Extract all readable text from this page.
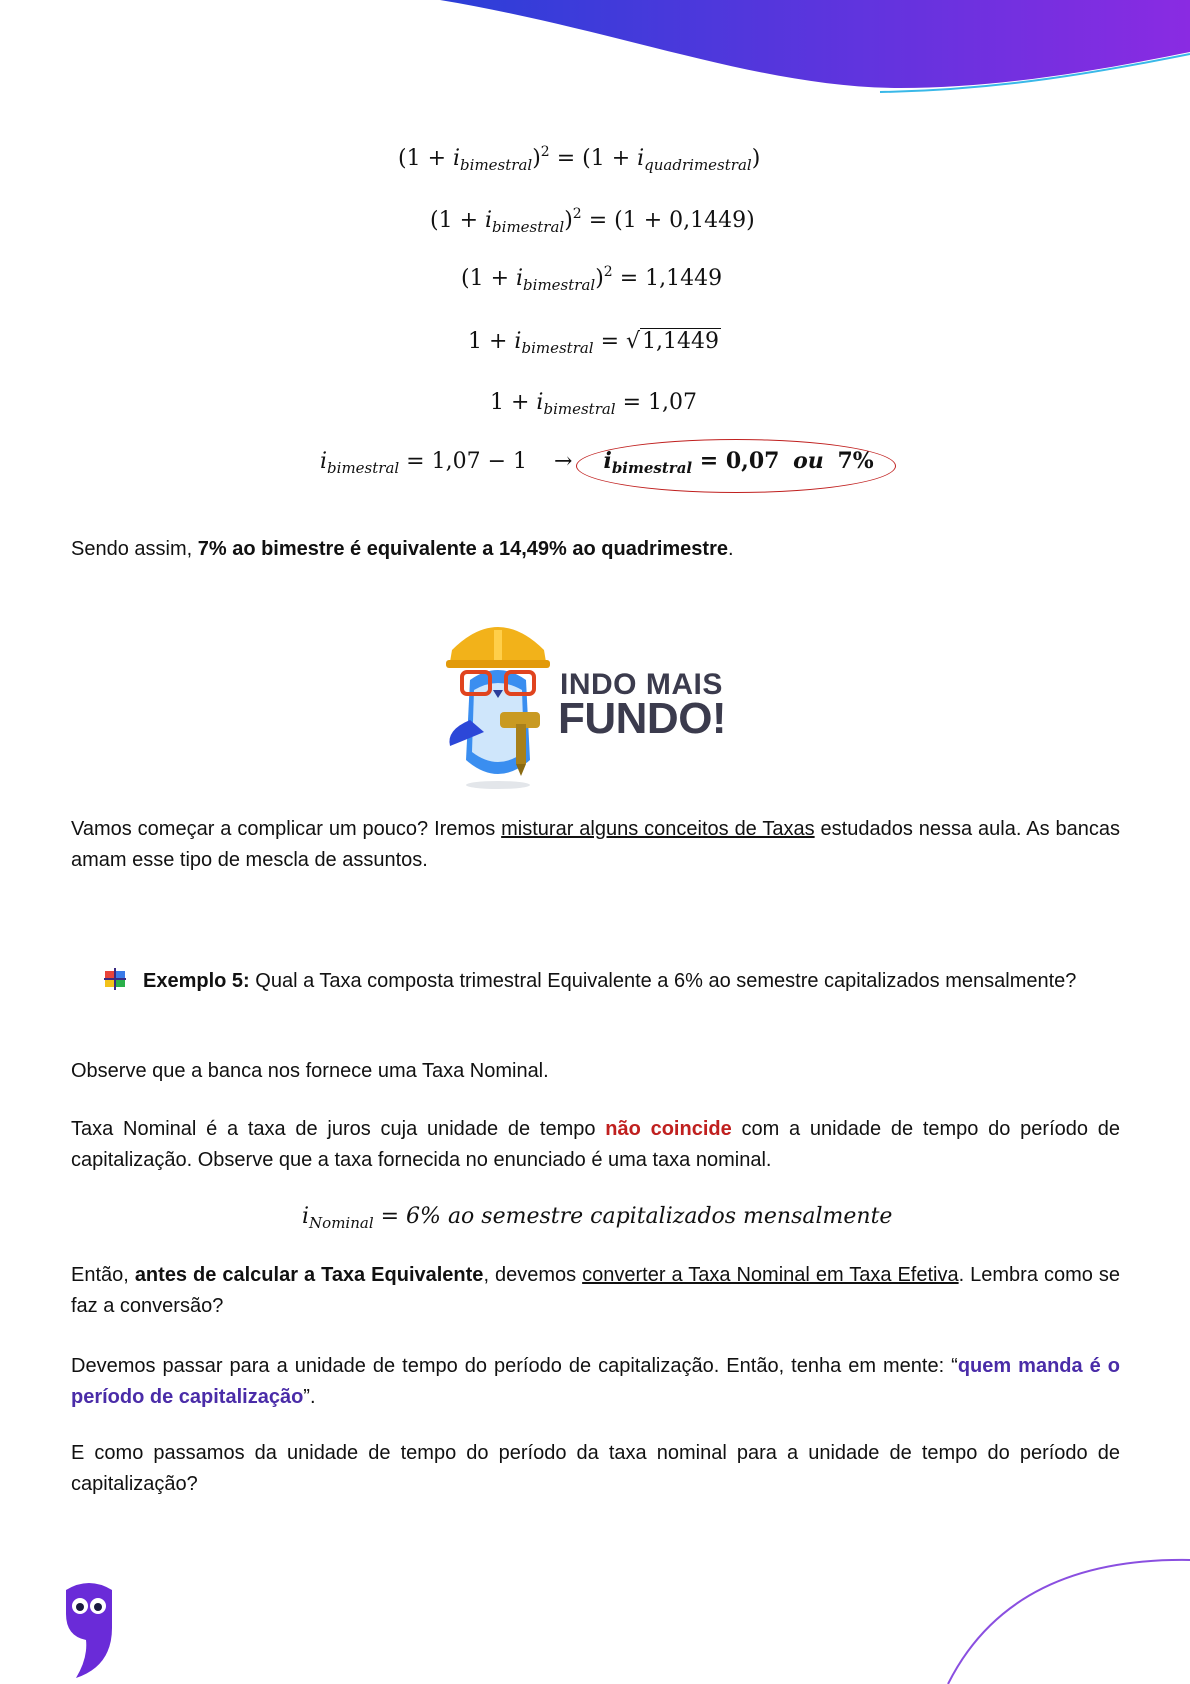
$(1 + i_{bimestral})^2 = (1 + i_{quadrimestral})$
$(1 + i_{bimestral})^2 = (1 + 0,1449)$
$(1 + i_{bimestral})^2 = 1,1449$
$1 + i_{bimestral} = √1,1449$
$1 + i_{bimestral} = 1,07$
$i_{bimestral} = 1,07 - 1 \to i_{bimestral} = 0,07$ ou 7%
Sendo assim, 7% ao bimestre é equivalente a 14,49% ao quadrimestre.
INDO MAIS
FUNDO!
Vamos começar a complicar um pouco? Iremos misturar alguns conceitos de Taxas estudados nessa aula. As bancas amam esse tipo de mescla de assuntos.
Exemplo 5: Qual a Taxa composta trimestral Equivalente a 6% ao semestre capitalizados mensalmente?
Observe que a banca nos fornece uma Taxa Nominal.
Taxa Nominal é a taxa de juros cuja unidade de tempo não coincide com a unidade de tempo do período de capitalização. Observe que a taxa fornecida no enunciado é uma taxa nominal.
$i_{Nominal} = 6\%$ ao semestre capitalizados mensalmente
Então, antes de calcular a Taxa Equivalente, devemos converter a Taxa Nominal em Taxa Efetiva. Lembra como se faz a conversão?
Devemos passar para a unidade de tempo do período de capitalização. Então, tenha em mente: “quem manda é o período de capitalização”.
E como passamos da unidade de tempo do período da taxa nominal para a unidade de tempo do período de capitalização?
